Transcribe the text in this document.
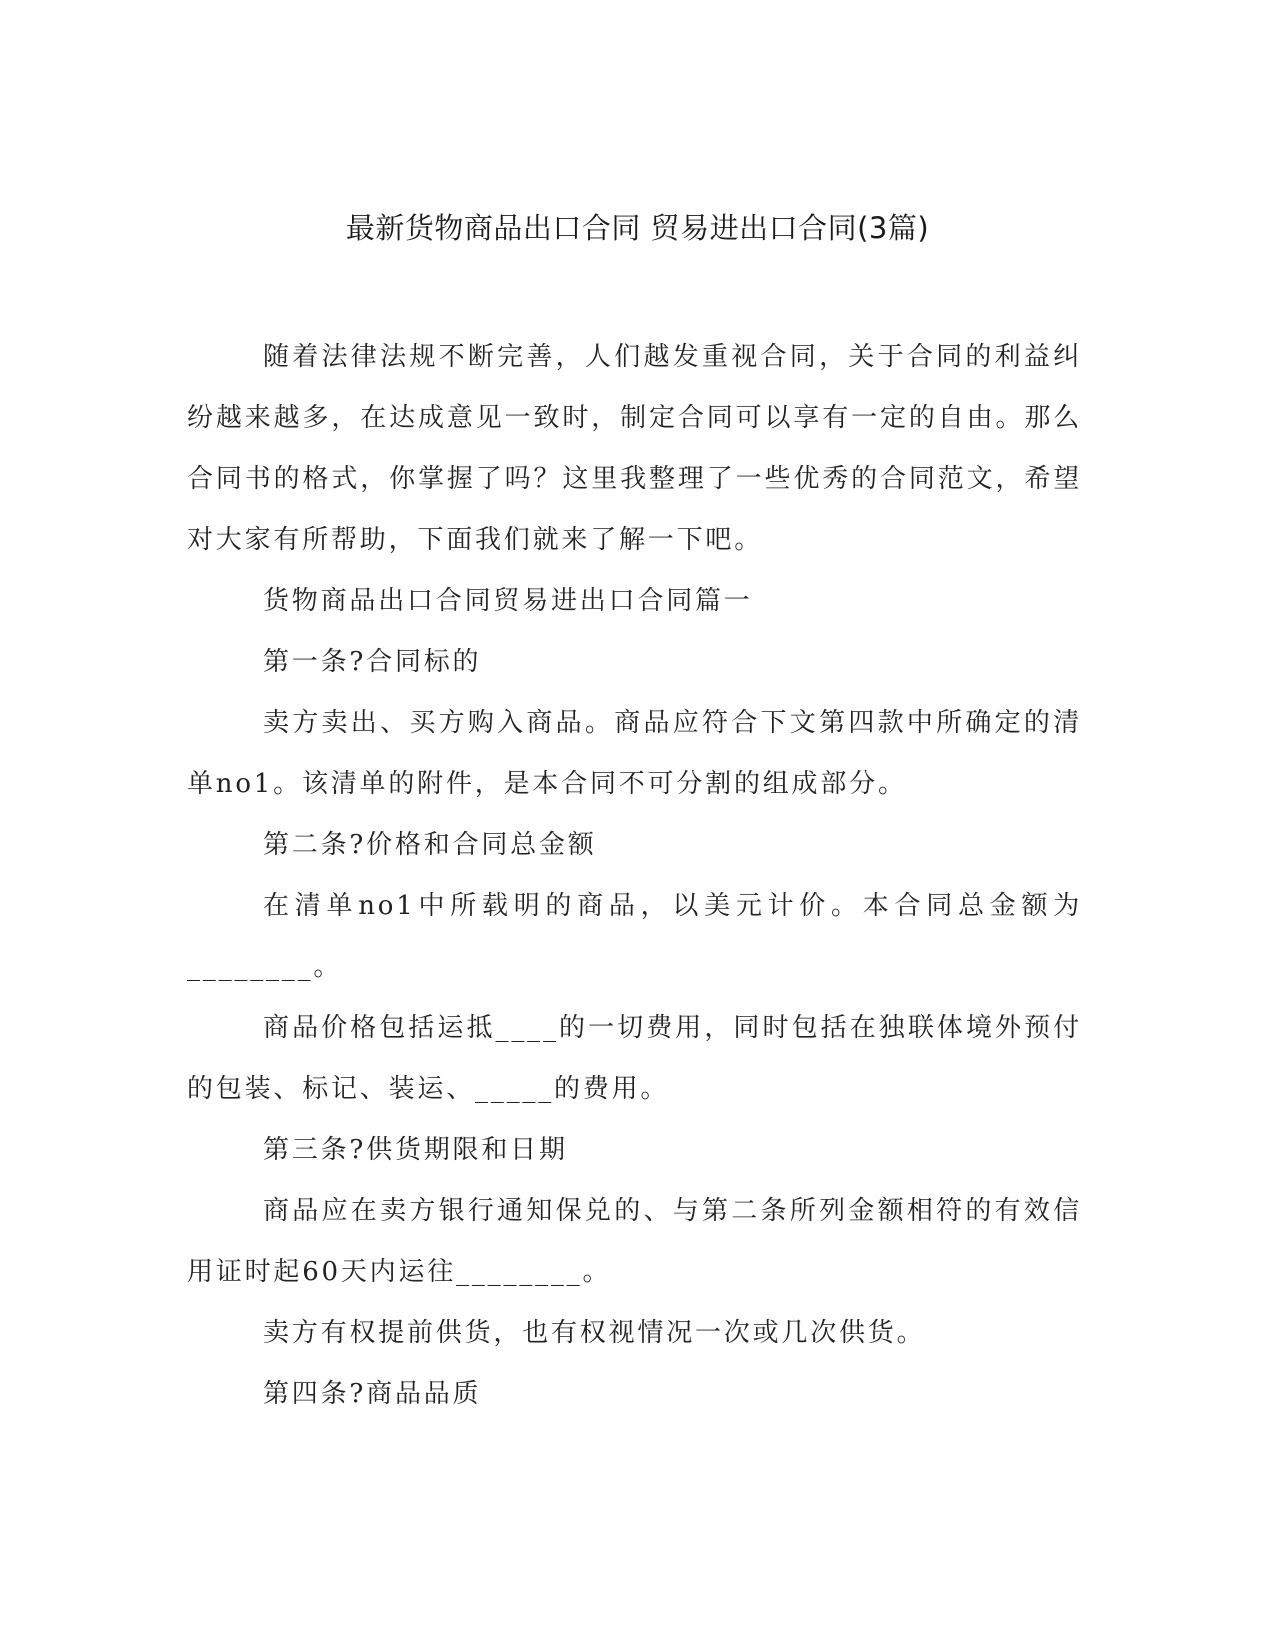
最新货物商品出口合同 贸易进出口合同(3篇)

随着法律法规不断完善，人们越发重视合同，关于合同的利益纠纷越来越多，在达成意见一致时，制定合同可以享有一定的自由。那么合同书的格式，你掌握了吗？这里我整理了一些优秀的合同范文，希望对大家有所帮助，下面我们就来了解一下吧。

货物商品出口合同贸易进出口合同篇一

第一条?合同标的

卖方卖出、买方购入商品。商品应符合下文第四款中所确定的清单no1。该清单的附件，是本合同不可分割的组成部分。

第二条?价格和合同总金额

在清单no1中所载明的商品，以美元计价。本合同总金额为________。

商品价格包括运抵____的一切费用，同时包括在独联体境外预付的包装、标记、装运、_____的费用。

第三条?供货期限和日期

商品应在卖方银行通知保兑的、与第二条所列金额相符的有效信用证时起60天内运往________。

卖方有权提前供货，也有权视情况一次或几次供货。

第四条?商品品质
